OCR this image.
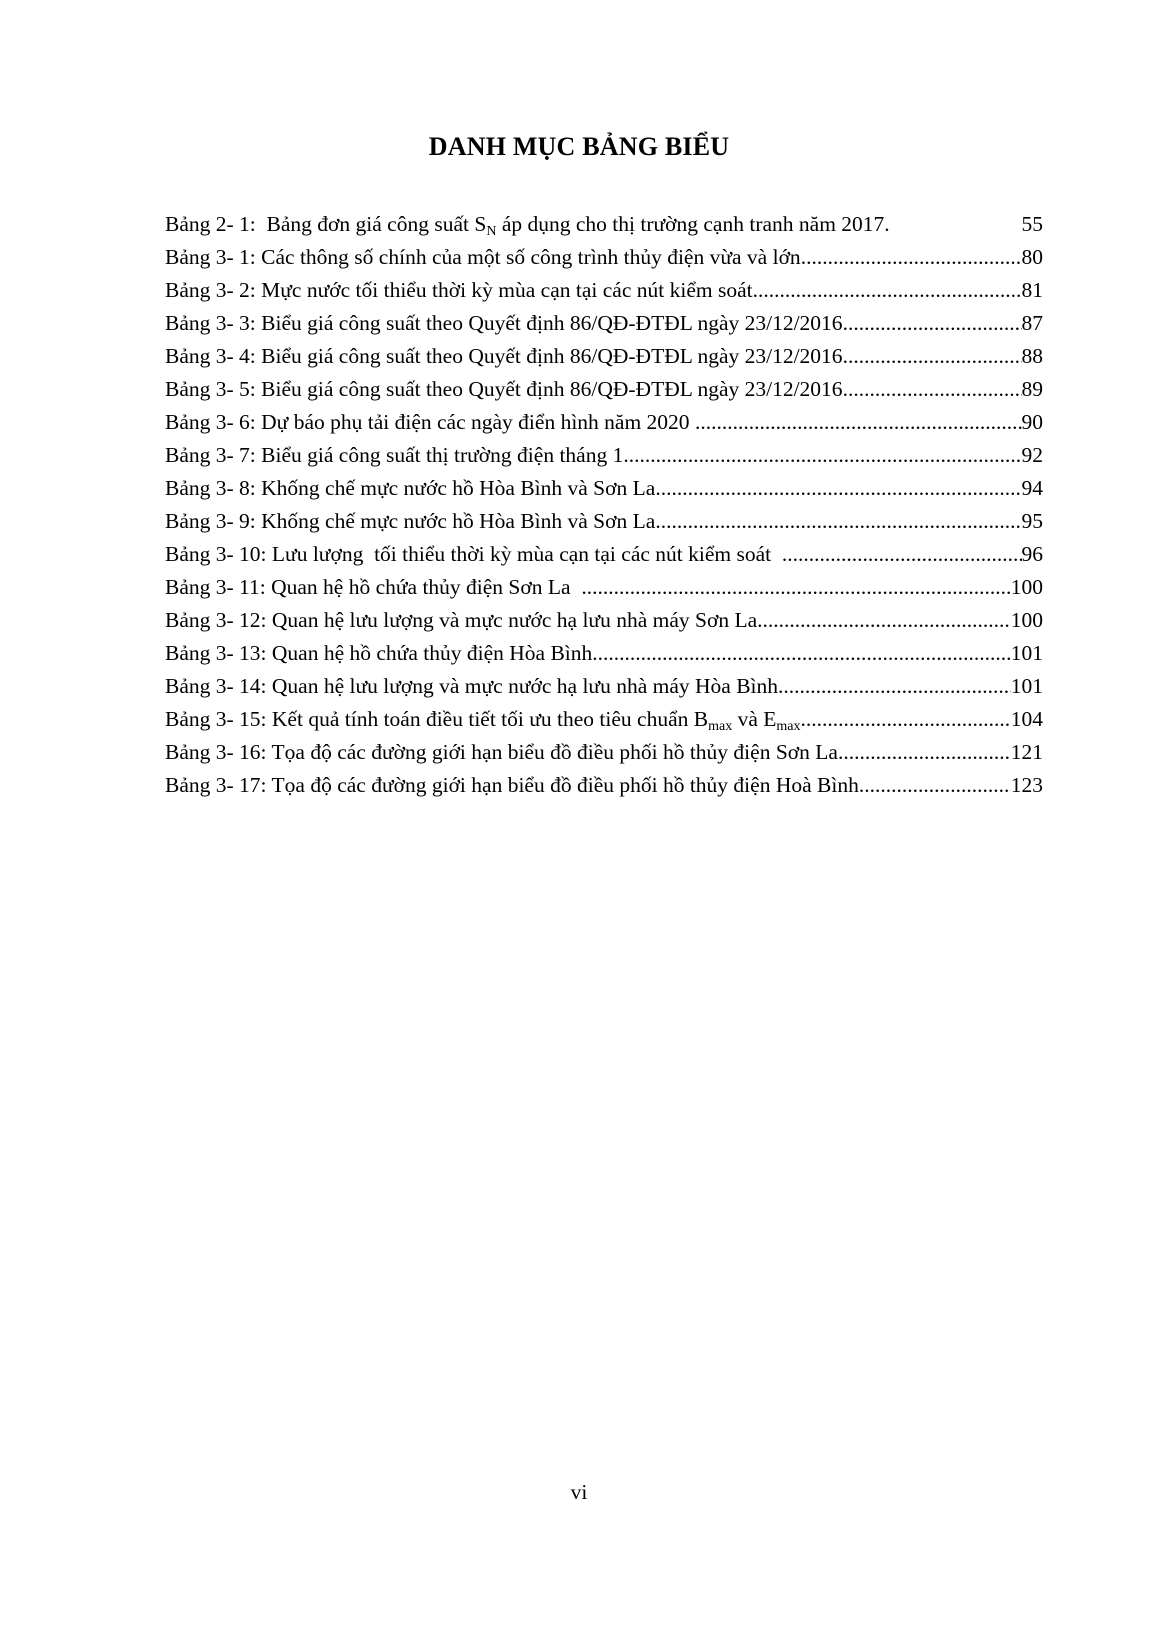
DANH MỤC BẢNG BIỂU
Bảng 2- 1: Bảng đơn giá công suất $S_N$ áp dụng cho thị trường cạnh tranh năm 2017 .	55
Bảng 3- 1: Các thông số chính của một số công trình thủy điện vừa và lớn .....	80
Bảng 3- 2: Mực nước tối thiểu thời kỳ mùa cạn tại các nút kiểm soát .....	81
Bảng 3- 3: Biểu giá công suất theo Quyết định 86/QĐ-ĐTĐL ngày 23/12/2016 .....	87
Bảng 3- 4: Biểu giá công suất theo Quyết định 86/QĐ-ĐTĐL ngày 23/12/2016 .....	88
Bảng 3- 5: Biểu giá công suất theo Quyết định 86/QĐ-ĐTĐL ngày 23/12/2016 .....	89
Bảng 3- 6: Dự báo phụ tải điện các ngày điển hình năm 2020 .....	90
Bảng 3- 7: Biểu giá công suất thị trường điện tháng 1 .....	92
Bảng 3- 8: Khống chế mực nước hồ Hòa Bình và Sơn La .....	94
Bảng 3- 9: Khống chế mực nước hồ Hòa Bình và Sơn La .....	95
Bảng 3- 10: Lưu lượng  tối thiểu thời kỳ mùa cạn tại các nút kiểm soát .....	96
Bảng 3- 11: Quan hệ hồ chứa thủy điện Sơn La .....	100
Bảng 3- 12: Quan hệ lưu lượng và mực nước hạ lưu nhà máy Sơn La .....	100
Bảng 3- 13: Quan hệ hồ chứa thủy điện Hòa Bình .....	101
Bảng 3- 14: Quan hệ lưu lượng và mực nước hạ lưu nhà máy Hòa Bình .....	101
Bảng 3- 15: Kết quả tính toán điều tiết tối ưu theo tiêu chuẩn $B_{max}$ và $E_{max}$ .....	104
Bảng 3- 16: Tọa độ các đường giới hạn biểu đồ điều phối hồ thủy điện Sơn La .....	121
Bảng 3- 17: Tọa độ các đường giới hạn biểu đồ điều phối hồ thủy điện Hoà Bình .....	123
vi
